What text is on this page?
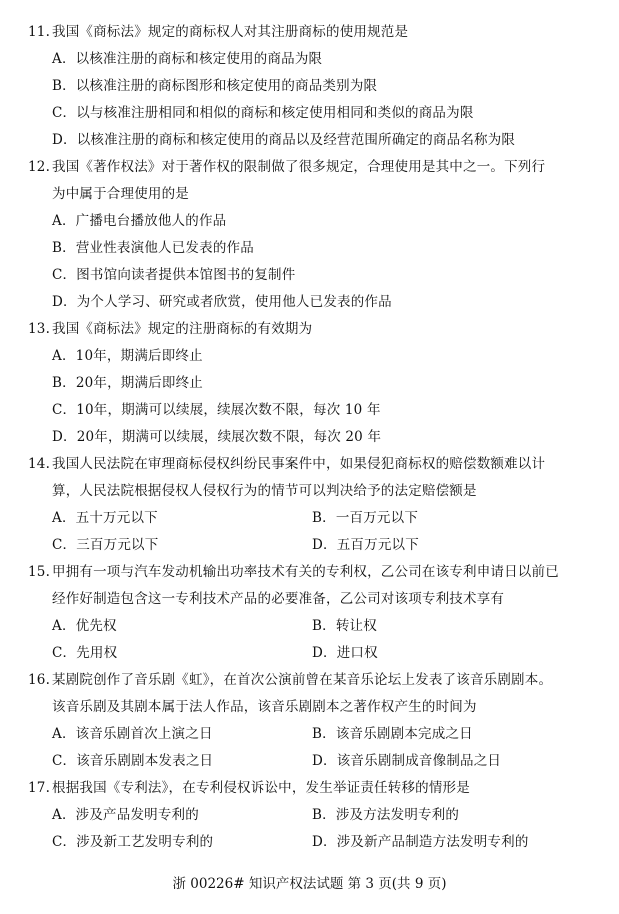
11. 我国《商标法》规定的商标权人对其注册商标的使用规范是
A．以核准注册的商标和核定使用的商品为限
B．以核准注册的商标图形和核定使用的商品类别为限
C．以与核准注册相同和相似的商标和核定使用相同和类似的商品为限
D．以核准注册的商标和核定使用的商品以及经营范围所确定的商品名称为限
12. 我国《著作权法》对于著作权的限制做了很多规定，合理使用是其中之一。下列行
为中属于合理使用的是
A．广播电台播放他人的作品
B．营业性表演他人已发表的作品
C．图书馆向读者提供本馆图书的复制件
D．为个人学习、研究或者欣赏，使用他人已发表的作品
13. 我国《商标法》规定的注册商标的有效期为
A．10年，期满后即终止
B．20年，期满后即终止
C．10年，期满可以续展，续展次数不限，每次 10 年
D．20年，期满可以续展，续展次数不限，每次 20 年
14. 我国人民法院在审理商标侵权纠纷民事案件中，如果侵犯商标权的赔偿数额难以计
算，人民法院根据侵权人侵权行为的情节可以判决给予的法定赔偿额是
A．五十万元以下	B．一百万元以下
C．三百万元以下	D．五百万元以下
15. 甲拥有一项与汽车发动机输出功率技术有关的专利权，乙公司在该专利申请日以前已
经作好制造包含这一专利技术产品的必要准备，乙公司对该项专利技术享有
A．优先权	B．转让权
C．先用权	D．进口权
16. 某剧院创作了音乐剧《虹》，在首次公演前曾在某音乐论坛上发表了该音乐剧剧本。
该音乐剧及其剧本属于法人作品，该音乐剧剧本之著作权产生的时间为
A．该音乐剧首次上演之日	B．该音乐剧剧本完成之日
C．该音乐剧剧本发表之日	D．该音乐剧制成音像制品之日
17. 根据我国《专利法》，在专利侵权诉讼中，发生举证责任转移的情形是
A．涉及产品发明专利的	B．涉及方法发明专利的
C．涉及新工艺发明专利的	D．涉及新产品制造方法发明专利的
浙 00226# 知识产权法试题 第 3 页(共 9 页)
